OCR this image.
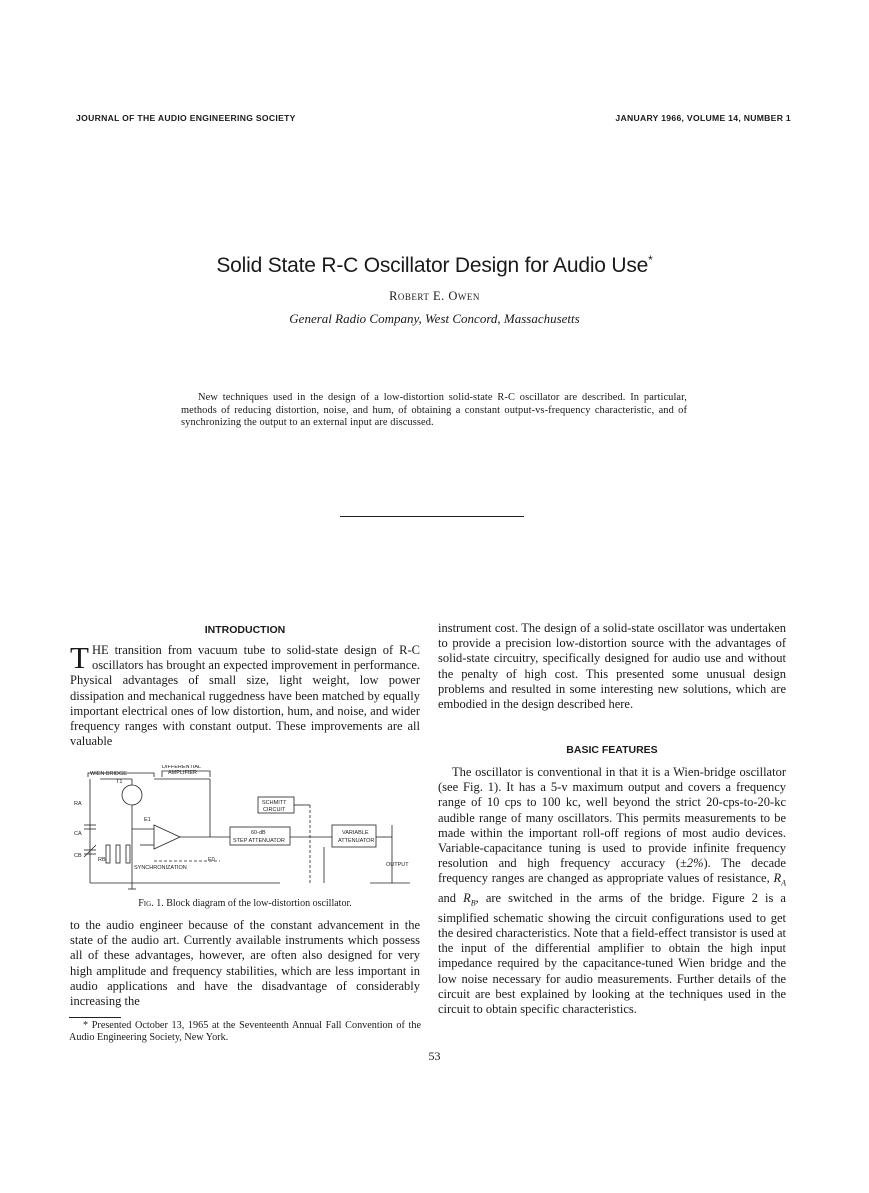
JOURNAL OF THE AUDIO ENGINEERING SOCIETY	JANUARY 1966, VOLUME 14, NUMBER 1
Solid State R-C Oscillator Design for Audio Use*
Robert E. Owen
General Radio Company, West Concord, Massachusetts
New techniques used in the design of a low-distortion solid-state R-C oscillator are described. In particular, methods of reducing distortion, noise, and hum, of obtaining a constant output-vs-frequency characteristic, and of synchronizing the output to an external input are discussed.
INTRODUCTION

THE transition from vacuum tube to solid-state design of R-C oscillators has brought an expected improvement in performance. Physical advantages of small size, light weight, low power dissipation and mechanical ruggedness have been matched by equally important electrical ones of low distortion, hum, and noise, and wider frequency ranges with constant output. These improvements are all valuable

WIEN BRIDGE
DIFFERENTIAL
AMPLIFIER
SCHMITT
CIRCUIT
60-dB
STEP ATTENUATOR
VARIABLE
ATTENUATOR
SYNCHRONIZATION	OUTPUT
RA
CA
CB
RB
T1
E1
E0
Fig. 1. Block diagram of the low-distortion oscillator.
to the audio engineer because of the constant advancement in the state of the audio art. Currently available instruments which possess all of these advantages, however, are often also designed for very high amplitude and frequency stabilities, which are less important in audio applications and have the disadvantage of considerably increasing the
* Presented October 13, 1965 at the Seventeenth Annual Fall Convention of the Audio Engineering Society, New York.
instrument cost. The design of a solid-state oscillator was undertaken to provide a precision low-distortion source with the advantages of solid-state circuitry, specifically designed for audio use and without the penalty of high cost. This presented some unusual design problems and resulted in some interesting new solutions, which are embodied in the design described here.
BASIC FEATURES
The oscillator is conventional in that it is a Wien-bridge oscillator (see Fig. 1). It has a 5-v maximum output and covers a frequency range of 10 cps to 100 kc, well beyond the strict 20-cps-to-20-kc audible range of many oscillators. This permits measurements to be made within the important roll-off regions of most audio devices. Variable-capacitance tuning is used to provide infinite frequency resolution and high frequency accuracy (±2%). The decade frequency ranges are changed as appropriate values of resistance, $R_A$ and $R_B$, are switched in the arms of the bridge. Figure 2 is a simplified schematic showing the circuit configurations used to get the desired characteristics. Note that a field-effect transistor is used at the input of the differential amplifier to obtain the high input impedance required by the capacitance-tuned Wien bridge and the low noise necessary for audio measurements. Further details of the circuit are best explained by looking at the techniques used in the circuit to obtain specific characteristics.
53
